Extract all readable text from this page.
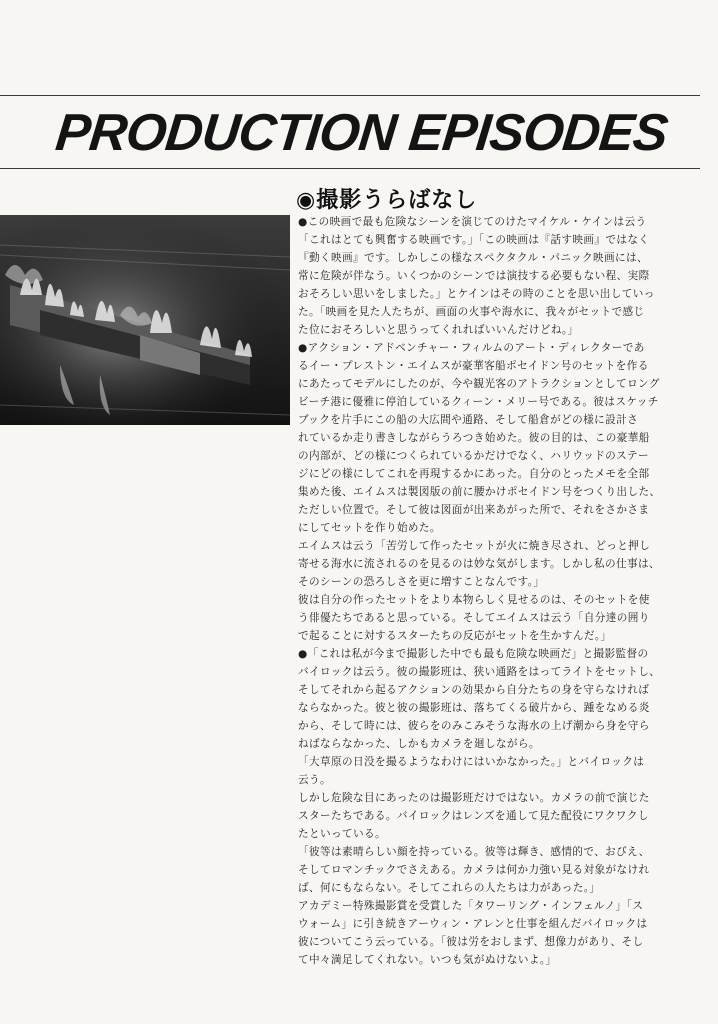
PRODUCTION EPISODES
◉撮影うらばなし

●この映画で最も危険なシーンを演じてのけたマイケル・ケインは云う

「これはとても興奮する映画です。」「この映画は『話す映画』ではなく

『動く映画』です。しかしこの様なスペクタクル・パニック映画には、

常に危険が伴なう。いくつかのシーンでは演技する必要もない程、実際

おそろしい思いをしました。」とケインはその時のことを思い出していっ

た。「映画を見た人たちが、画面の火事や海水に、我々がセットで感じ

た位におそろしいと思うってくれればいいんだけどね。」

●アクション・アドベンチャー・フィルムのアート・ディレクターであ

るイー・プレストン・エイムスが豪華客船ポセイドン号のセットを作る

にあたってモデルにしたのが、今や観光客のアトラクションとしてロング

ビーチ港に優雅に停泊しているクィーン・メリー号である。彼はスケッチ

ブックを片手にこの船の大広間や通路、そして船倉がどの様に設計さ

れているか走り書きしながらうろつき始めた。彼の目的は、この豪華船

の内部が、どの様につくられているかだけでなく、ハリウッドのステー

ジにどの様にしてこれを再現するかにあった。自分のとったメモを全部

集めた後、エイムスは製図版の前に腰かけポセイドン号をつくり出した、

ただしい位置で。そして彼は図面が出来あがった所で、それをさかさま

にしてセットを作り始めた。

エイムスは云う「苦労して作ったセットが火に焼き尽され、どっと押し

寄せる海水に流されるのを見るのは妙な気がします。しかし私の仕事は、

そのシーンの恐ろしさを更に増すことなんです。」

彼は自分の作ったセットをより本物らしく見せるのは、そのセットを使

う俳優たちであると思っている。そしてエイムスは云う「自分達の囲り

で起ることに対するスターたちの反応がセットを生かすんだ。」

●「これは私が今まで撮影した中でも最も危険な映画だ」と撮影監督の

バイロックは云う。彼の撮影班は、狭い通路をはってライトをセットし、

そしてそれから起るアクションの効果から自分たちの身を守らなければ

ならなかった。彼と彼の撮影班は、落ちてくる破片から、踵をなめる炎

から、そして時には、彼らをのみこみそうな海水の上げ潮から身を守ら

ねばならなかった、しかもカメラを廻しながら。

「大草原の日没を撮るようなわけにはいかなかった。」とバイロックは

云う。

しかし危険な目にあったのは撮影班だけではない。カメラの前で演じた

スターたちである。バイロックはレンズを通して見た配役にワクワクし

たといっている。

「彼等は素晴らしい顔を持っている。彼等は輝き、感情的で、おびえ、

そしてロマンチックでさえある。カメラは何か力強い見る対象がなけれ

ば、何にもならない。そしてこれらの人たちは力があった。」

アカデミー特殊撮影賞を受賞した「タワーリング・インフェルノ」「ス

ウォーム」に引き続きアーウィン・アレンと仕事を組んだバイロックは

彼についてこう云っている。「彼は労をおしまず、想像力があり、そし

て中々満足してくれない。いつも気がぬけないよ。」
